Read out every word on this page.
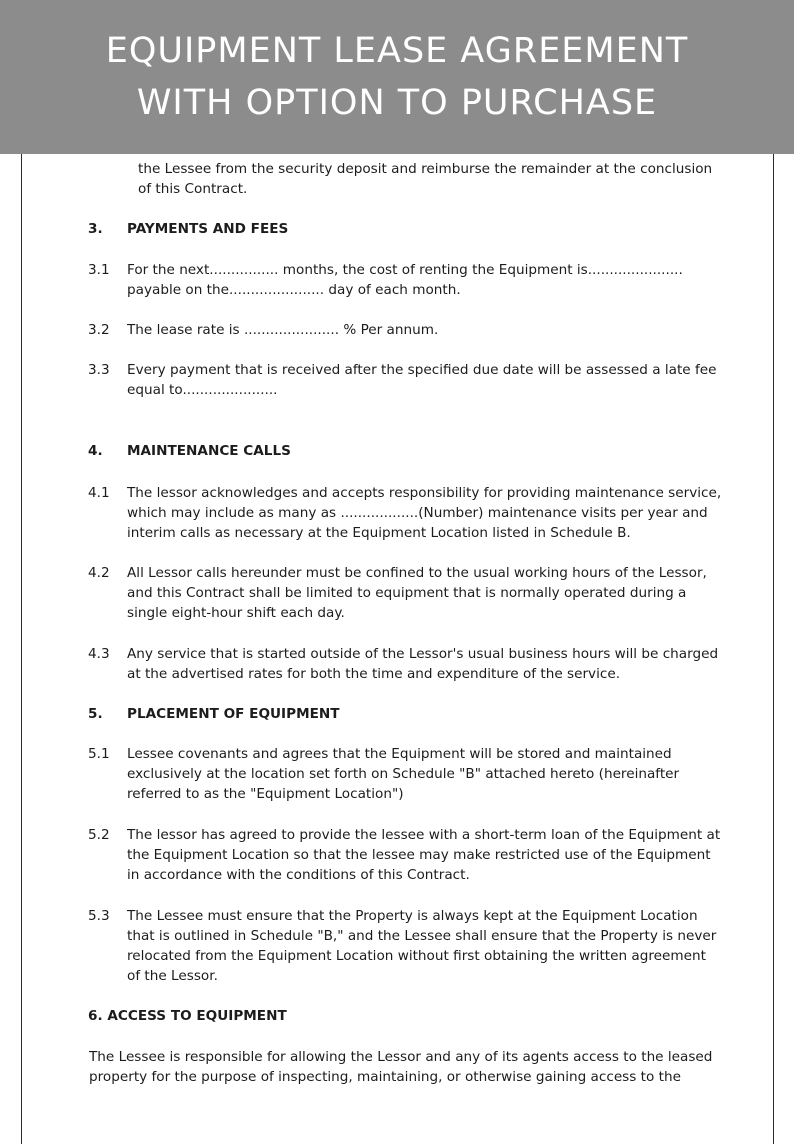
EQUIPMENT LEASE AGREEMENT
WITH OPTION TO PURCHASE
the Lessee from the security deposit and reimburse the remainder at the conclusion
of this Contract.
3. PAYMENTS AND FEES
3.1 For the next................ months, the cost of renting the Equipment is......................
payable on the...................... day of each month.
3.2 The lease rate is ...................... % Per annum.
3.3 Every payment that is received after the specified due date will be assessed a late fee
equal to......................
4. MAINTENANCE CALLS
4.1 The lessor acknowledges and accepts responsibility for providing maintenance service,
which may include as many as ..................(Number) maintenance visits per year and
interim calls as necessary at the Equipment Location listed in Schedule B.
4.2 All Lessor calls hereunder must be confined to the usual working hours of the Lessor,
and this Contract shall be limited to equipment that is normally operated during a
single eight-hour shift each day.
4.3 Any service that is started outside of the Lessor's usual business hours will be charged
at the advertised rates for both the time and expenditure of the service.
5. PLACEMENT OF EQUIPMENT
5.1 Lessee covenants and agrees that the Equipment will be stored and maintained
exclusively at the location set forth on Schedule "B" attached hereto (hereinafter
referred to as the "Equipment Location")
5.2 The lessor has agreed to provide the lessee with a short-term loan of the Equipment at
the Equipment Location so that the lessee may make restricted use of the Equipment
in accordance with the conditions of this Contract.
5.3 The Lessee must ensure that the Property is always kept at the Equipment Location
that is outlined in Schedule "B," and the Lessee shall ensure that the Property is never
relocated from the Equipment Location without first obtaining the written agreement
of the Lessor.
6. ACCESS TO EQUIPMENT
The Lessee is responsible for allowing the Lessor and any of its agents access to the leased
property for the purpose of inspecting, maintaining, or otherwise gaining access to the
